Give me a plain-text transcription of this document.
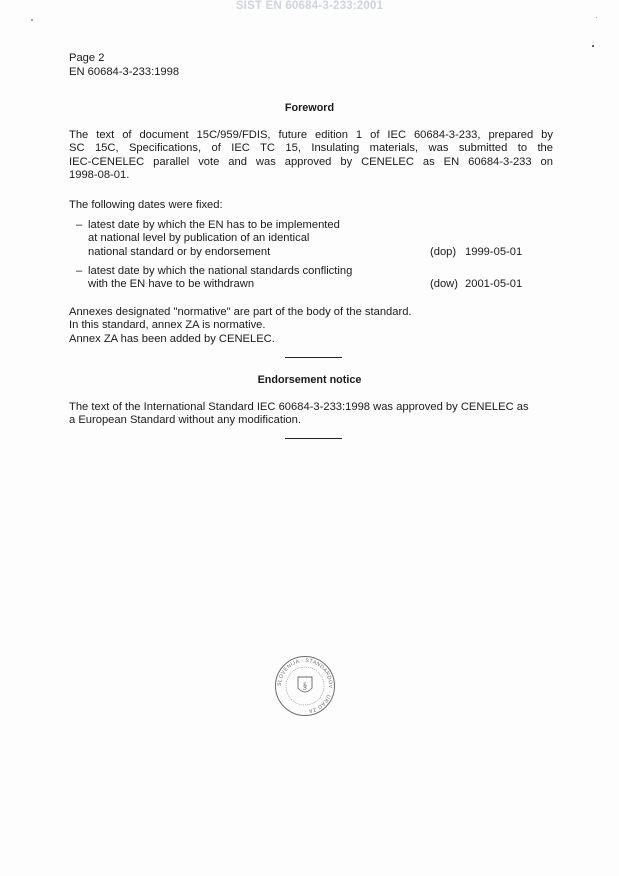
SIST EN 60684-3-233:2001
Page 2
EN 60684-3-233:1998
Foreword
The text of document 15C/959/FDIS, future edition 1 of IEC 60684-3-233, prepared by
SC 15C, Specifications, of IEC TC 15, Insulating materials, was submitted to the
IEC-CENELEC parallel vote and was approved by CENELEC as EN 60684-3-233 on
1998-08-01.
The following dates were fixed:
– latest date by which the EN has to be implemented
at national level by publication of an identical
national standard or by endorsement	(dop) 1999-05-01
– latest date by which the national standards conflicting
with the EN have to be withdrawn	(dow) 2001-05-01
Annexes designated "normative" are part of the body of the standard.
In this standard, annex ZA is normative.
Annex ZA has been added by CENELEC.
Endorsement notice
The text of the International Standard IEC 60684-3-233:1998 was approved by CENELEC as
a European Standard without any modification.
SLOVENIJA · STANDARDOV · URAD ZA ·
§
